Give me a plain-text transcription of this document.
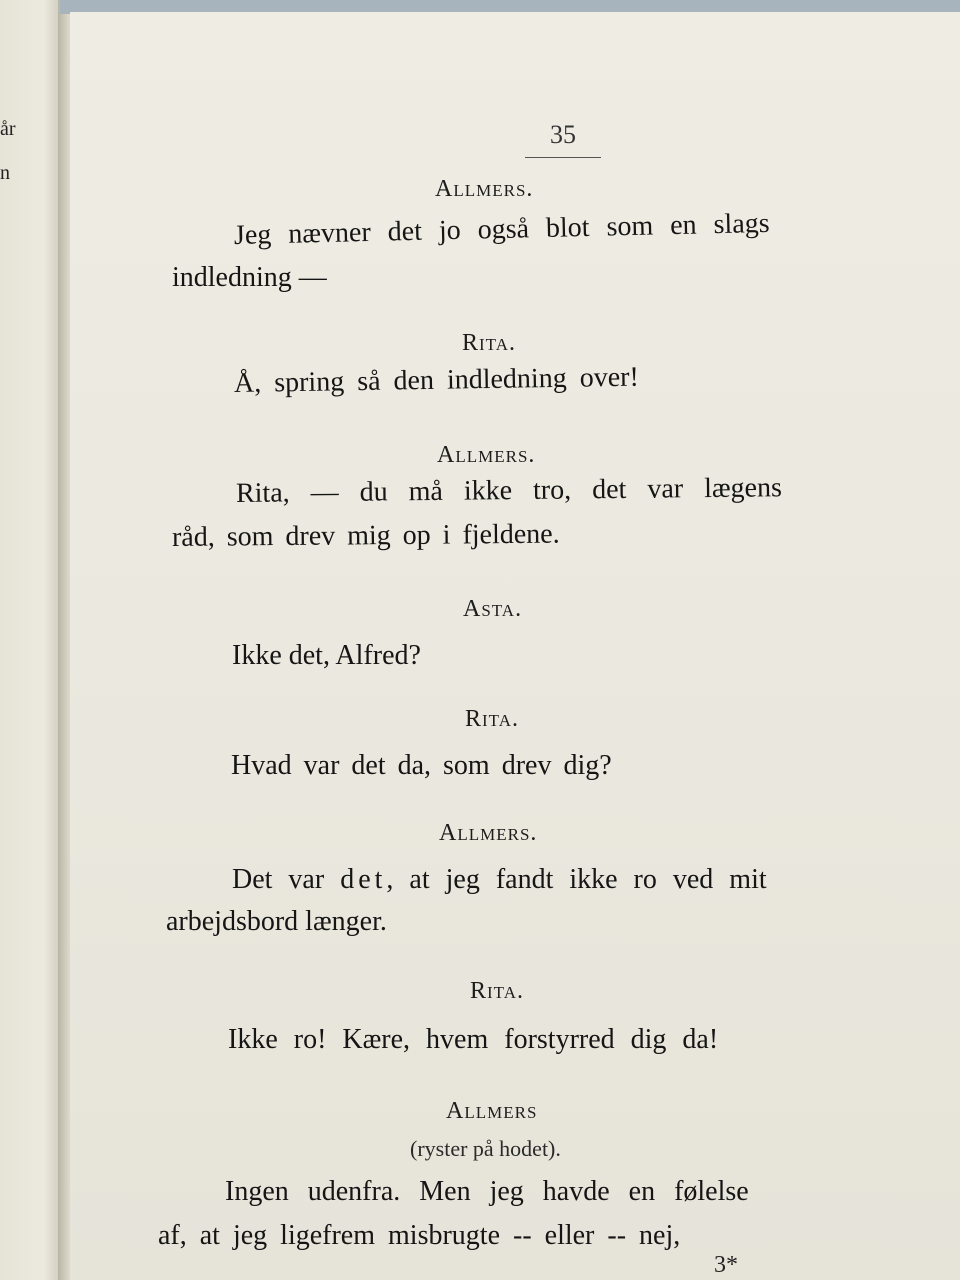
år
n
35
Allmers.
Jeg nævner det jo også blot som en slags
indledning —
Rita.
Å, spring så den indledning over!
Allmers.
Rita, — du må ikke tro, det var lægens
råd, som drev mig op i fjeldene.
Asta.
Ikke det, Alfred?
Rita.
Hvad var det da, som drev dig?
Allmers.
Det var det, at jeg fandt ikke ro ved mit
arbejdsbord længer.
Rita.
Ikke ro! Kære, hvem forstyrred dig da!
Allmers
(ryster på hodet).
Ingen udenfra. Men jeg havde en følelse
af, at jeg ligefrem misbrugte -- eller -- nej,
3*
